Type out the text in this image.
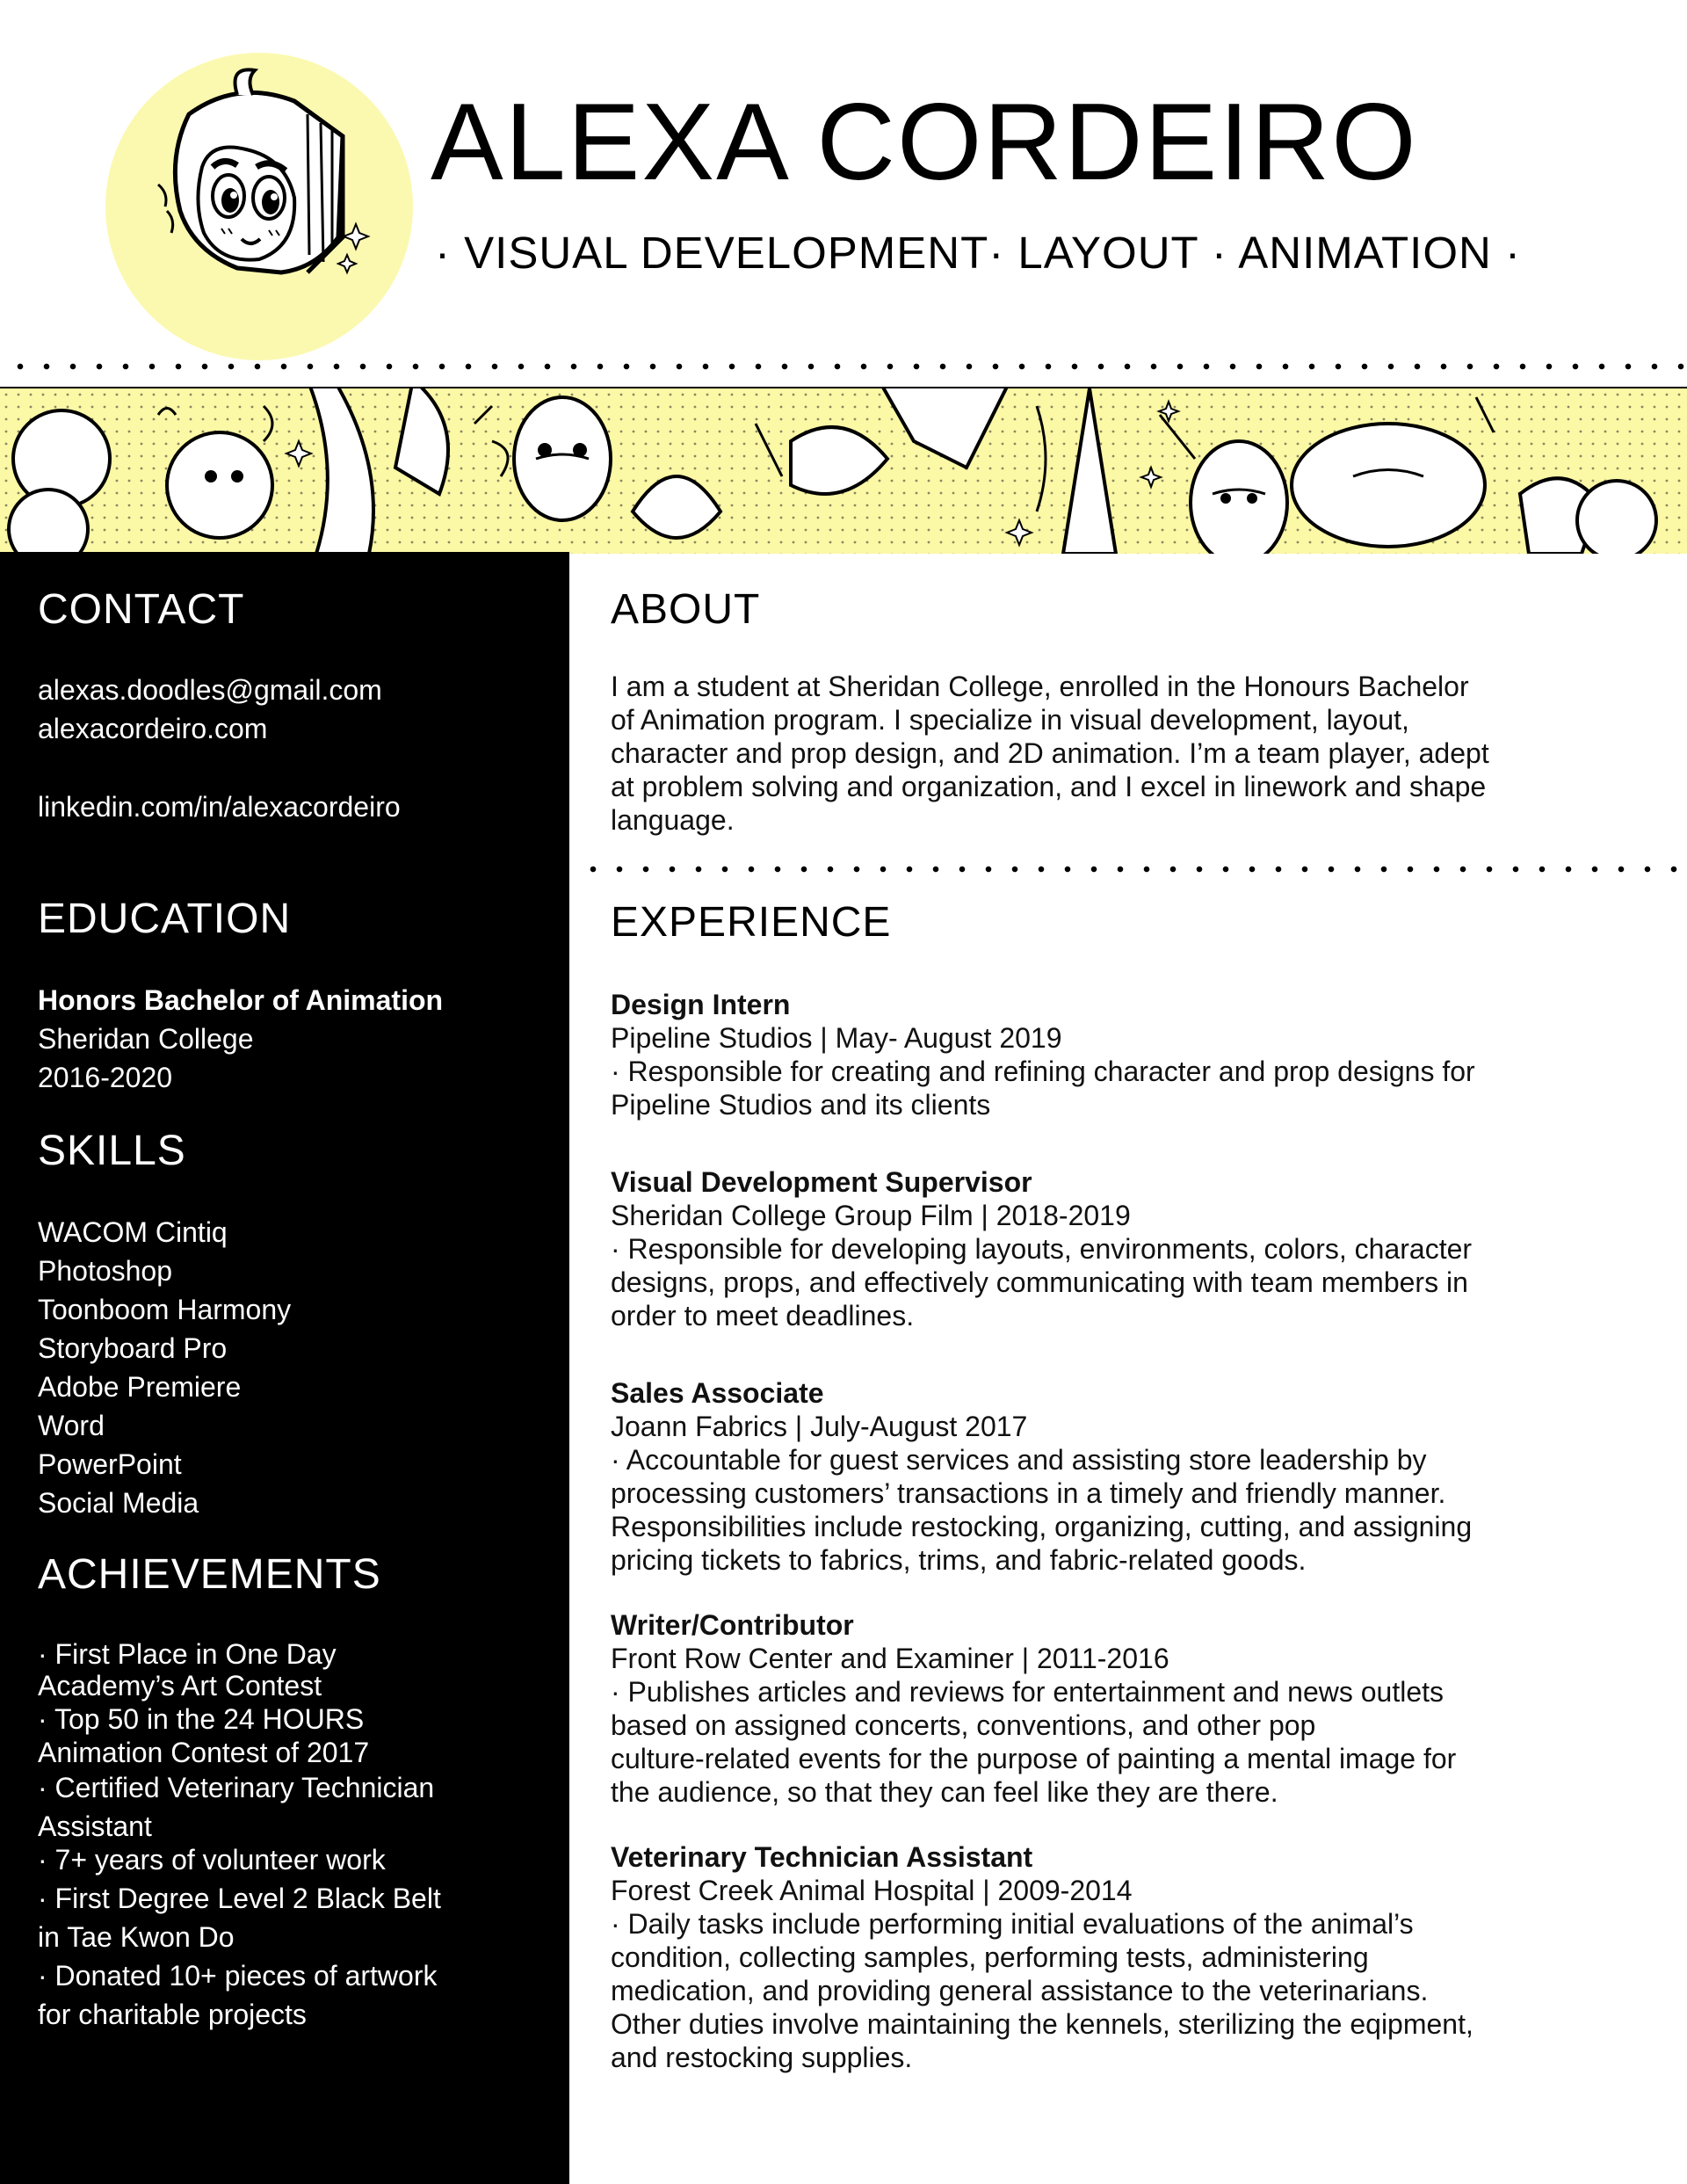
ALEXA CORDEIRO
· VISUAL DEVELOPMENT· LAYOUT · ANIMATION ·
CONTACT
alexas.doodles@gmail.com
alexacordeiro.com
linkedin.com/in/alexacordeiro
EDUCATION
Honors Bachelor of Animation
Sheridan College
2016-2020
SKILLS
WACOM Cintiq
Photoshop
Toonboom Harmony
Storyboard Pro
Adobe Premiere
Word
PowerPoint
Social Media
ACHIEVEMENTS
· First Place in One Day
Academy’s Art Contest
· Top 50 in the 24 HOURS
Animation Contest of 2017
· Certified Veterinary Technician
Assistant
· 7+ years of volunteer work
· First Degree Level 2 Black Belt
in Tae Kwon Do
· Donated 10+ pieces of artwork
for charitable projects
ABOUT
I am a student at Sheridan College, enrolled in the Honours Bachelor
of Animation program. I specialize in visual development, layout,
character and prop design, and 2D animation. I’m a team player, adept
at problem solving and organization, and I excel in linework and shape
language.
EXPERIENCE
Design Intern
Pipeline Studios | May- August 2019
· Responsible for creating and refining character and prop designs for
Pipeline Studios and its clients
Visual Development Supervisor
Sheridan College Group Film | 2018-2019
· Responsible for developing layouts, environments, colors, character
designs, props, and effectively communicating with team members in
order to meet deadlines.
Sales Associate
Joann Fabrics | July-August 2017
· Accountable for guest services and assisting store leadership by
processing customers’ transactions in a timely and friendly manner.
Responsibilities include restocking, organizing, cutting, and assigning
pricing tickets to fabrics, trims, and fabric-related goods.
Writer/Contributor
Front Row Center and Examiner | 2011-2016
· Publishes articles and reviews for entertainment and news outlets
based on assigned concerts, conventions, and other pop
culture-related events for the purpose of painting a mental image for
the audience, so that they can feel like they are there.
Veterinary Technician Assistant
Forest Creek Animal Hospital | 2009-2014
· Daily tasks include performing initial evaluations of the animal’s
condition, collecting samples, performing tests, administering
medication, and providing general assistance to the veterinarians.
Other duties involve maintaining the kennels, sterilizing the eqipment,
and restocking supplies.
